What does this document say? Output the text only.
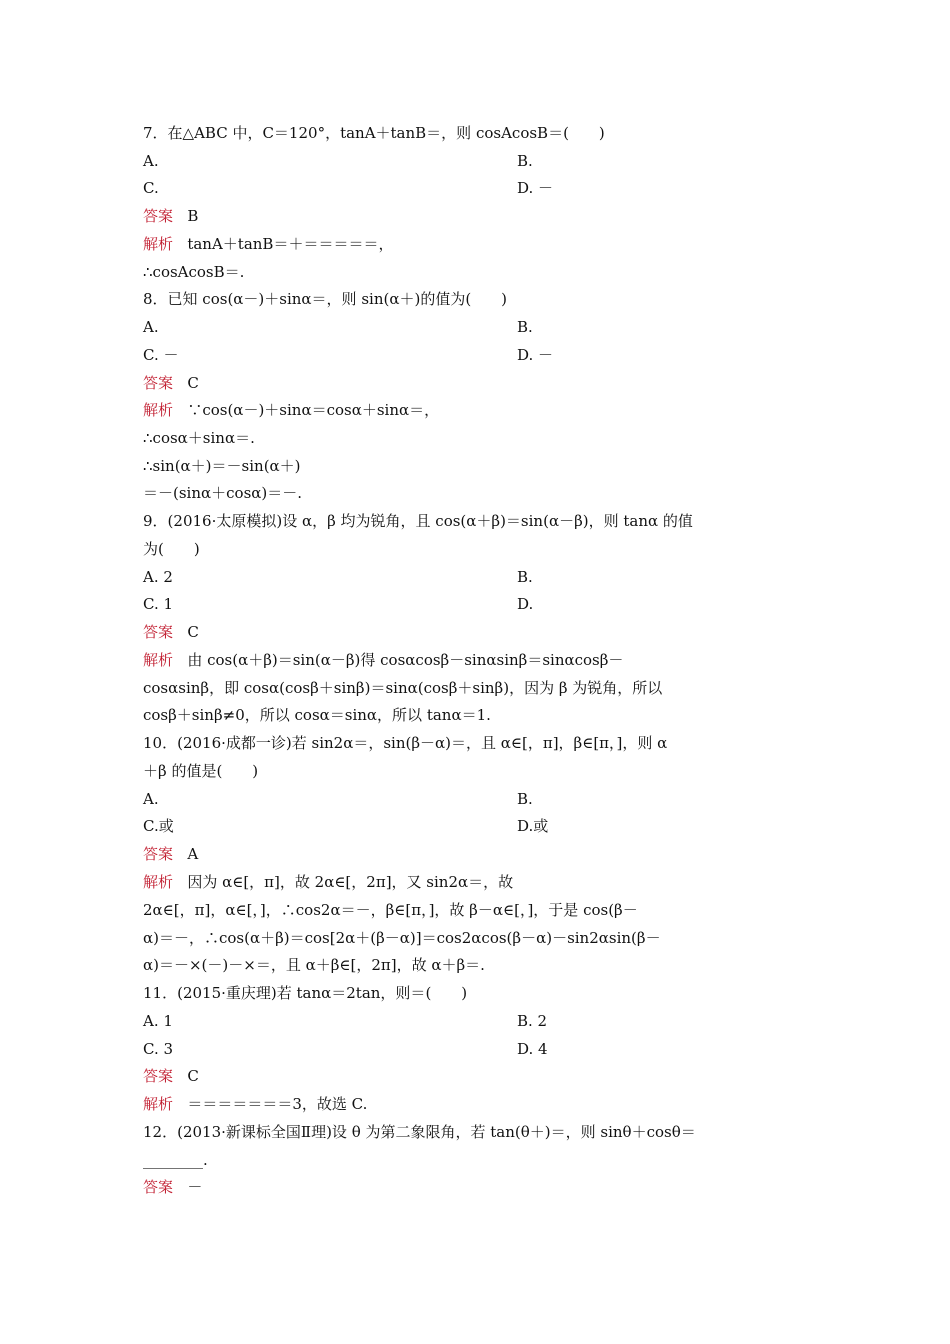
7．在△ABC 中，C＝120°，tanA＋tanB＝，则 cosAcosB＝(　　)
A.	B.
C.	D. －
答案 B
解析 tanA＋tanB＝＋＝＝＝＝＝，
∴cosAcosB＝.
8．已知 cos(α－)＋sinα＝，则 sin(α＋)的值为(　　)
A.	B.
C. －	D. －
答案 C
解析 ∵cos(α－)＋sinα＝cosα＋sinα＝，
∴cosα＋sinα＝.
∴sin(α＋)＝－sin(α＋)
＝－(sinα＋cosα)＝－.
9．(2016·太原模拟)设 α，β 均为锐角，且 cos(α＋β)＝sin(α－β)，则 tanα 的值
为(　　)
A. 2	B.
C. 1	D.
答案 C
解析 由 cos(α＋β)＝sin(α－β)得 cosαcosβ－sinαsinβ＝sinαcosβ－
cosαsinβ，即 cosα(cosβ＋sinβ)＝sinα(cosβ＋sinβ)，因为 β 为锐角，所以
cosβ＋sinβ≠0，所以 cosα＝sinα，所以 tanα＝1.
10．(2016·成都一诊)若 sin2α＝，sin(β－α)＝，且 α∈[，π]，β∈[π，]，则 α
＋β 的值是(　　)
A.	B.
C.或	D.或
答案 A
解析 因为 α∈[，π]，故 2α∈[，2π]，又 sin2α＝，故
2α∈[，π]，α∈[，]，∴cos2α＝－，β∈[π，]，故 β－α∈[，]，于是 cos(β－
α)＝－，∴cos(α＋β)＝cos[2α＋(β－α)]＝cos2αcos(β－α)－sin2αsin(β－
α)＝－×(－)－×＝，且 α＋β∈[，2π]，故 α＋β＝.
11．(2015·重庆理)若 tanα＝2tan，则＝(　　)
A. 1	B. 2
C. 3	D. 4
答案 C
解析 ＝＝＝＝＝＝＝3，故选 C.
12．(2013·新课标全国Ⅱ理)设 θ 为第二象限角，若 tan(θ＋)＝，则 sinθ＋cosθ＝
________.
答案 －
